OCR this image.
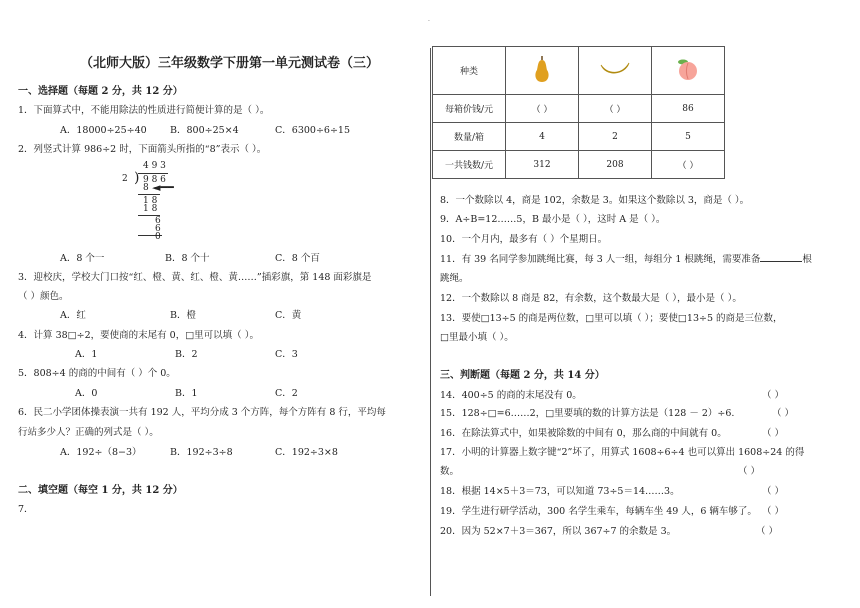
.
（北师大版）三年级数学下册第一单元测试卷（三）
一、选择题（每题 2 分，共 12 分）
1．下面算式中，不能用除法的性质进行简便计算的是（ ）。
A．18000÷25÷40 B．800÷25×4	C．6300÷6÷15
2．列竖式计算 986÷2 时，下面箭头所指的“8”表示（ ）。
4 9 3
2 ) 9 8 6
8 ◄━━
1 8
1 8
6
6
0
A．8 个一	B．8 个十	C．8 个百
3．迎校庆，学校大门口按“红、橙、黄、红、橙、黄……”插彩旗，第 148 面彩旗是
（ ）颜色。
A．红	B．橙	C．黄
4．计算 38□÷2，要使商的末尾有 0，□里可以填（ ）。
A．1	B．2	C．3
5．808÷4 的商的中间有（ ）个 0。
A．0	B．1	C．2
6．民二小学团体操表演一共有 192 人，平均分成 3 个方阵，每个方阵有 8 行，平均每
行站多少人？正确的列式是（ ）。
A．192÷（8−3）	B．192÷3÷8	C．192÷3×8
二、填空题（每空 1 分，共 12 分）
7．
种类			
每箱价钱/元	（ ）	（ ）	86
数量/箱	4	2	5
一共钱数/元	312	208	（ ）
8．一个数除以 4，商是 102，余数是 3。如果这个数除以 3，商是（ ）。
9．A÷B=12……5，B 最小是（ ），这时 A 是（ ）。
10．一个月内，最多有（ ）个星期日。
11．有 39 名同学参加跳绳比赛，每 3 人一组，每组分 1 根跳绳，需要准备	根
跳绳。
12．一个数除以 8 商是 82，有余数，这个数最大是（ ），最小是（ ）。
13．要使□13÷5 的商是两位数，□里可以填（ ）；要使□13÷5 的商是三位数，
□里最小填（ ）。
三、判断题（每题 2 分，共 14 分）
14．400÷5 的商的末尾没有 0。	（ ）
15．128÷□=6……2，□里要填的数的计算方法是（128 － 2）÷6.	（ ）
16．在除法算式中，如果被除数的中间有 0，那么商的中间就有 0。	（ ）
17．小明的计算器上数字键“2”坏了，用算式 1608÷6÷4 也可以算出 1608÷24 的得
数。	（ ）
18．根据 14×5＋3＝73，可以知道 73÷5＝14……3。	（ ）
19．学生进行研学活动，300 名学生乘车，每辆车坐 49 人，6 辆车够了。 （ ）
20．因为 52×7＋3＝367，所以 367÷7 的余数是 3。	（ ）
